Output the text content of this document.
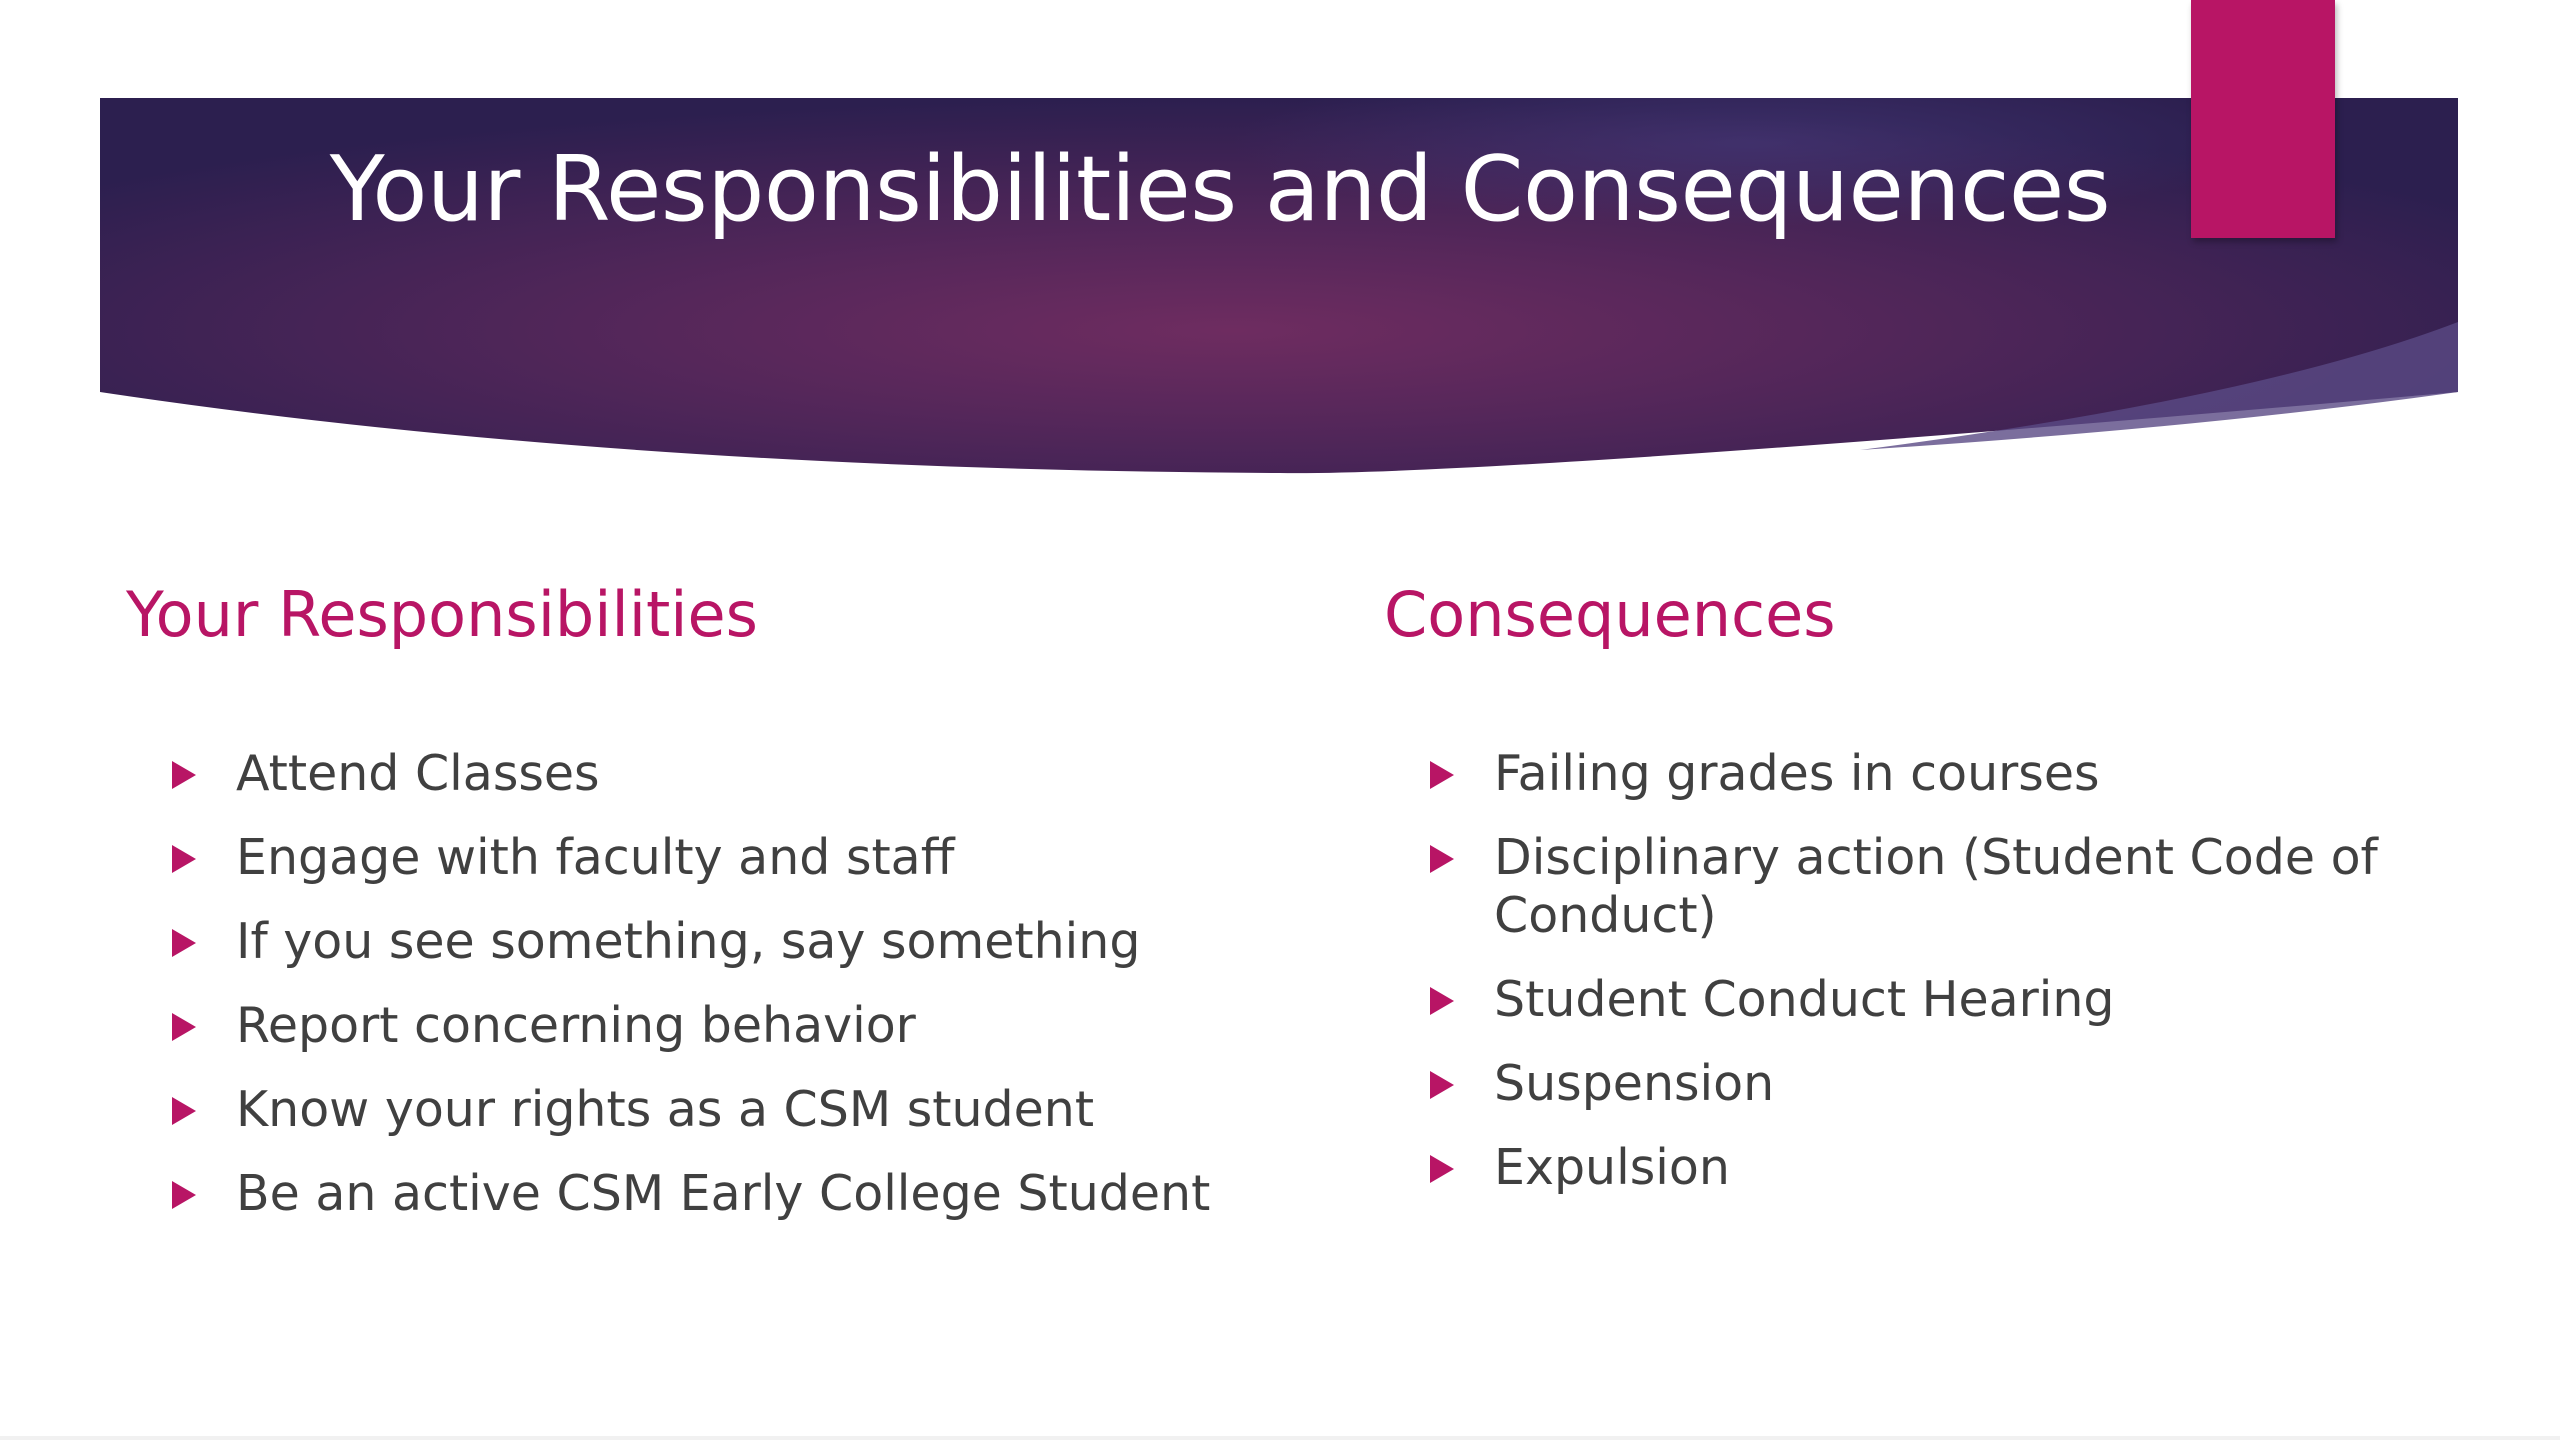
Your Responsibilities and Consequences
Your Responsibilities
Attend Classes
Engage with faculty and staff
If you see something, say something
Report concerning behavior
Know your rights as a CSM student
Be an active CSM Early College Student
Consequences
Failing grades in courses
Disciplinary action (Student Code of Conduct)
Student Conduct Hearing
Suspension
Expulsion
